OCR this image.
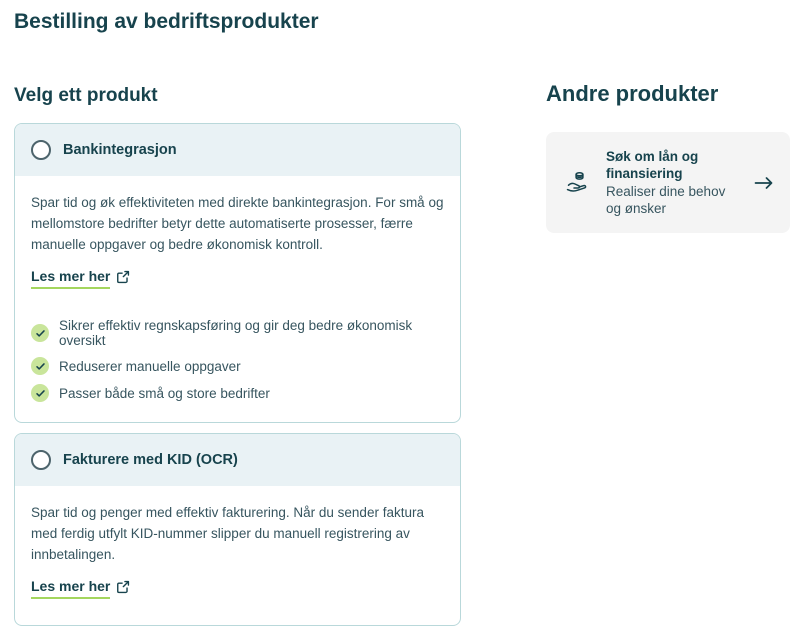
Bestilling av bedriftsprodukter
Velg ett produkt
Bankintegrasjon

Spar tid og øk effektiviteten med direkte bankintegrasjon. For små og mellomstore bedrifter betyr dette automatiserte prosesser, færre manuelle oppgaver og bedre økonomisk kontroll.

Les mer her
Sikrer effektiv regnskapsføring og gir deg bedre økonomisk oversikt
Reduserer manuelle oppgaver
Passer både små og store bedrifter
Fakturere med KID (OCR)

Spar tid og penger med effektiv fakturering. Når du sender faktura med ferdig utfylt KID-nummer slipper du manuell registrering av innbetalingen.

Les mer her
Andre produkter
Søk om lån og finansiering
Realiser dine behov og ønsker
